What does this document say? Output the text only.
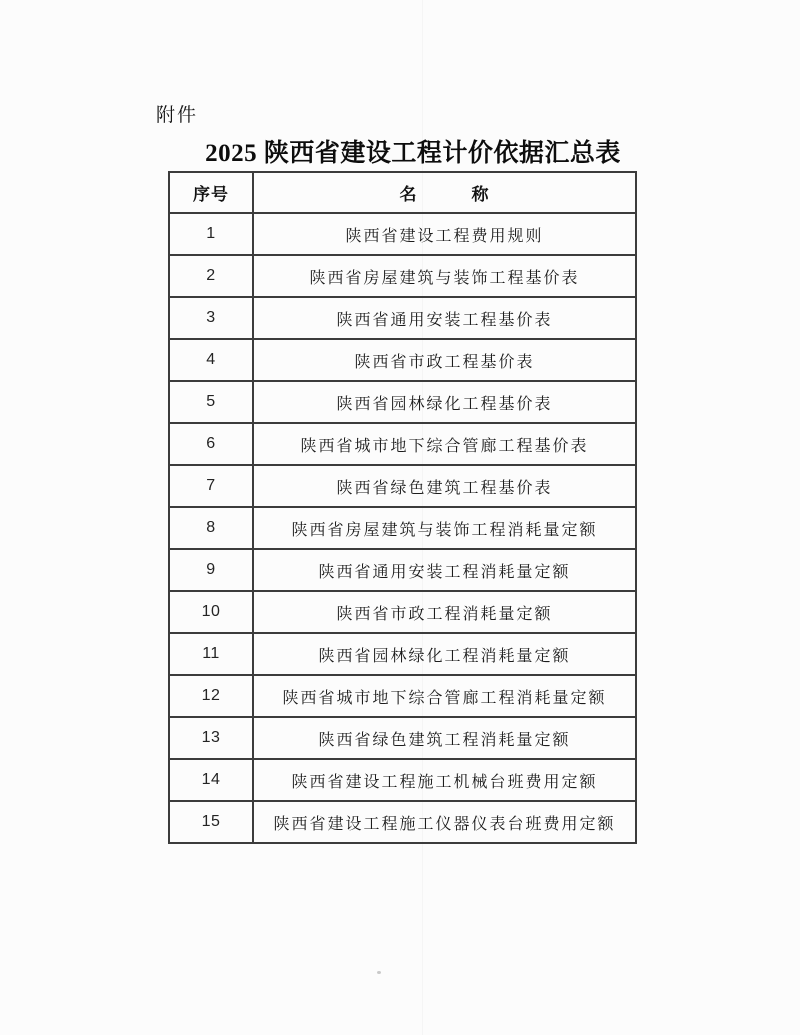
附件
2025 陕西省建设工程计价依据汇总表
序号	名　　　称
1	陕西省建设工程费用规则
2	陕西省房屋建筑与装饰工程基价表
3	陕西省通用安装工程基价表
4	陕西省市政工程基价表
5	陕西省园林绿化工程基价表
6	陕西省城市地下综合管廊工程基价表
7	陕西省绿色建筑工程基价表
8	陕西省房屋建筑与装饰工程消耗量定额
9	陕西省通用安装工程消耗量定额
10	陕西省市政工程消耗量定额
11	陕西省园林绿化工程消耗量定额
12	陕西省城市地下综合管廊工程消耗量定额
13	陕西省绿色建筑工程消耗量定额
14	陕西省建设工程施工机械台班费用定额
15	陕西省建设工程施工仪器仪表台班费用定额
